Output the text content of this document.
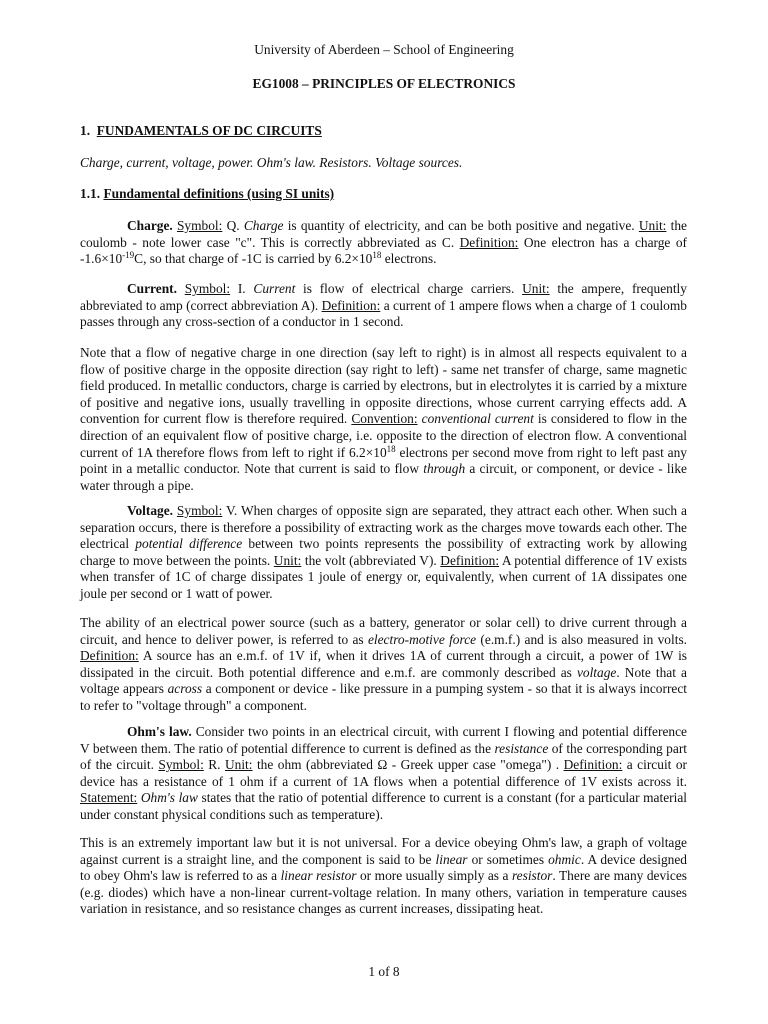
University of Aberdeen – School of Engineering
EG1008 – PRINCIPLES OF ELECTRONICS
1. FUNDAMENTALS OF DC CIRCUITS
Charge, current, voltage, power. Ohm's law. Resistors. Voltage sources.
1.1. Fundamental definitions (using SI units)
Charge. Symbol: Q. Charge is quantity of electricity, and can be both positive and negative. Unit: the coulomb - note lower case "c". This is correctly abbreviated as C. Definition: One electron has a charge of $-1.6\times 10^{-19}C$, so that charge of -1C is carried by $6.2\times 10^{18}$ electrons.
Current. Symbol: I. Current is flow of electrical charge carriers. Unit: the ampere, frequently abbreviated to amp (correct abbreviation A). Definition: a current of 1 ampere flows when a charge of 1 coulomb passes through any cross-section of a conductor in 1 second.
Note that a flow of negative charge in one direction (say left to right) is in almost all respects equivalent to a flow of positive charge in the opposite direction (say right to left) - same net transfer of charge, same magnetic field produced. In metallic conductors, charge is carried by electrons, but in electrolytes it is carried by a mixture of positive and negative ions, usually travelling in opposite directions, whose current carrying effects add. A convention for current flow is therefore required. Convention: conventional current is considered to flow in the direction of an equivalent flow of positive charge, i.e. opposite to the direction of electron flow. A conventional current of 1A therefore flows from left to right if $6.2\times 10^{18}$ electrons per second move from right to left past any point in a metallic conductor. Note that current is said to flow through a circuit, or component, or device - like water through a pipe.
Voltage. Symbol: V. When charges of opposite sign are separated, they attract each other. When such a separation occurs, there is therefore a possibility of extracting work as the charges move towards each other. The electrical potential difference between two points represents the possibility of extracting work by allowing charge to move between the points. Unit: the volt (abbreviated V). Definition: A potential difference of 1V exists when transfer of 1C of charge dissipates 1 joule of energy or, equivalently, when current of 1A dissipates one joule per second or 1 watt of power.
The ability of an electrical power source (such as a battery, generator or solar cell) to drive current through a circuit, and hence to deliver power, is referred to as electro-motive force (e.m.f.) and is also measured in volts. Definition: A source has an e.m.f. of 1V if, when it drives 1A of current through a circuit, a power of 1W is dissipated in the circuit. Both potential difference and e.m.f. are commonly described as voltage. Note that a voltage appears across a component or device - like pressure in a pumping system - so that it is always incorrect to refer to "voltage through" a component.
Ohm's law. Consider two points in an electrical circuit, with current I flowing and potential difference V between them. The ratio of potential difference to current is defined as the resistance of the corresponding part of the circuit. Symbol: R. Unit: the ohm (abbreviated Ω - Greek upper case "omega") . Definition: a circuit or device has a resistance of 1 ohm if a current of 1A flows when a potential difference of 1V exists across it. Statement: Ohm's law states that the ratio of potential difference to current is a constant (for a particular material under constant physical conditions such as temperature).
This is an extremely important law but it is not universal. For a device obeying Ohm's law, a graph of voltage against current is a straight line, and the component is said to be linear or sometimes ohmic. A device designed to obey Ohm's law is referred to as a linear resistor or more usually simply as a resistor. There are many devices (e.g. diodes) which have a non-linear current-voltage relation. In many others, variation in temperature causes variation in resistance, and so resistance changes as current increases, dissipating heat.
1 of 8
